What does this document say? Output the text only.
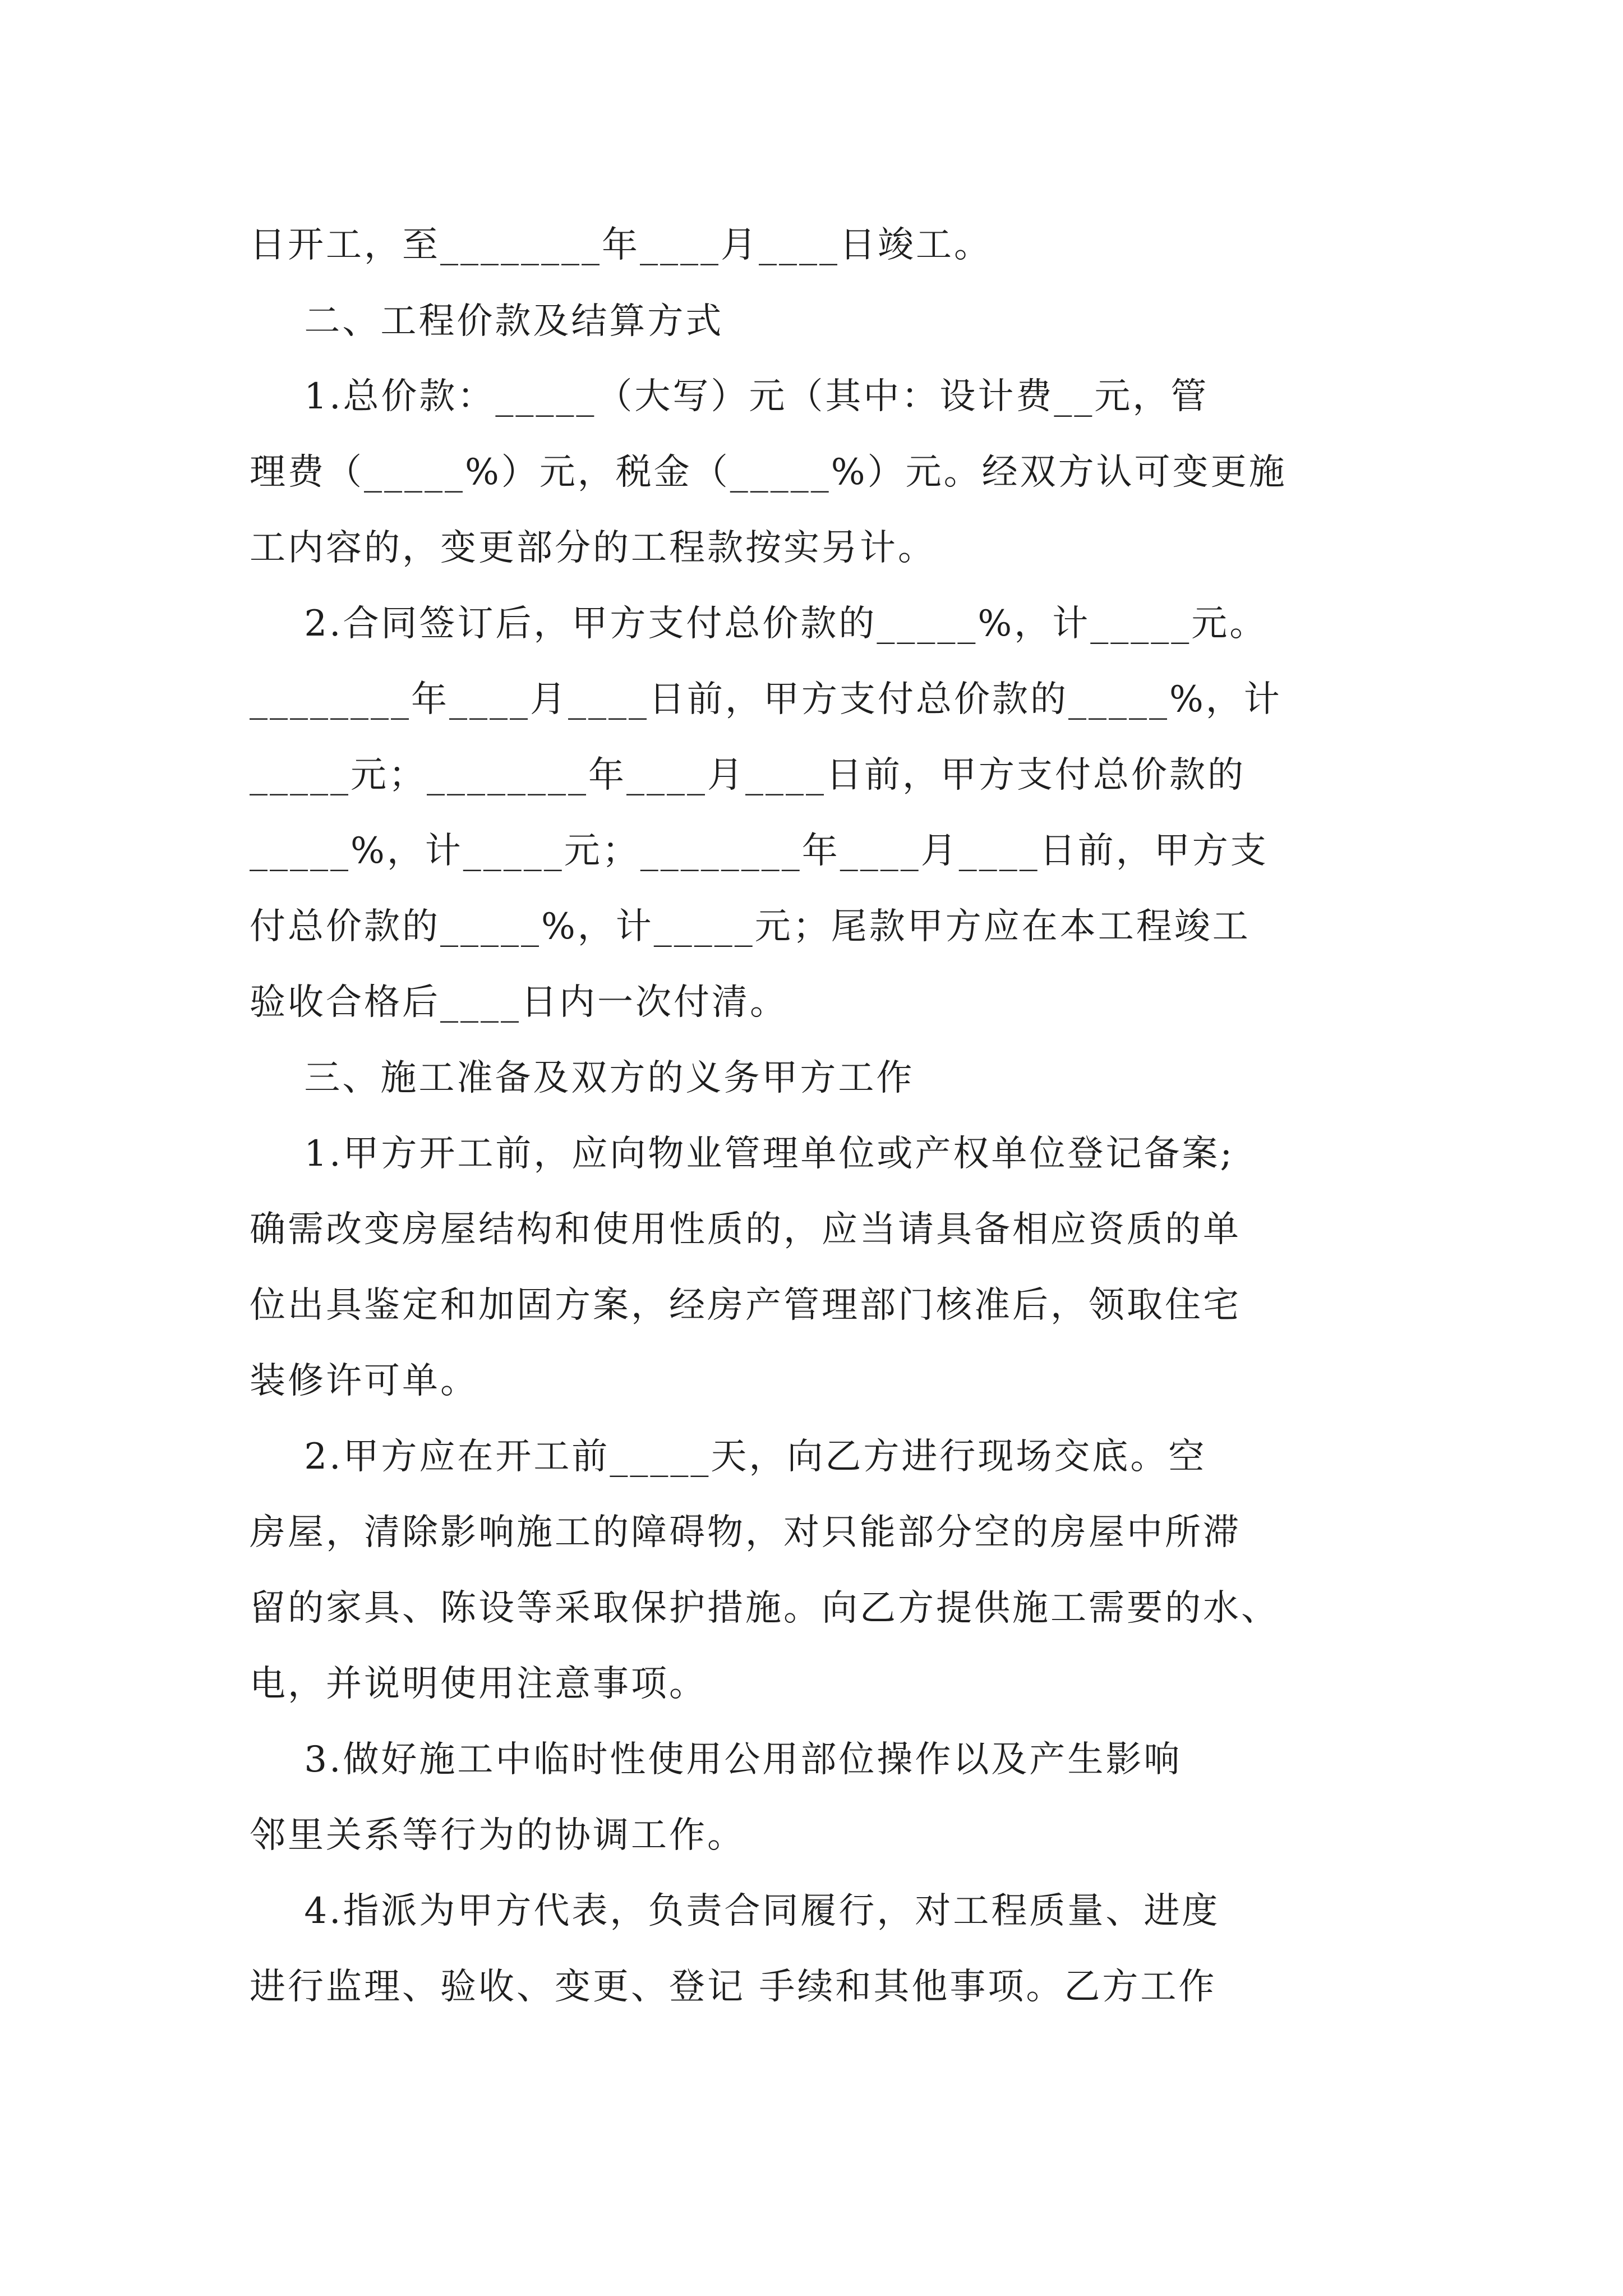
日开工，至________年____月____日竣工。
二、工程价款及结算方式
1.总价款：_____（大写）元（其中：设计费__元，管
理费（_____%）元，税金（_____%）元。经双方认可变更施
工内容的，变更部分的工程款按实另计。
2.合同签订后，甲方支付总价款的_____%，计_____元。
________年____月____日前，甲方支付总价款的_____%，计
_____元；________年____月____日前，甲方支付总价款的
_____%，计_____元；________年____月____日前，甲方支
付总价款的_____%，计_____元；尾款甲方应在本工程竣工
验收合格后____日内一次付清。
三、施工准备及双方的义务甲方工作
1.甲方开工前，应向物业管理单位或产权单位登记备案;
确需改变房屋结构和使用性质的，应当请具备相应资质的单
位出具鉴定和加固方案，经房产管理部门核准后，领取住宅
装修许可单。
2.甲方应在开工前_____天，向乙方进行现场交底。空
房屋，清除影响施工的障碍物，对只能部分空的房屋中所滞
留的家具、陈设等采取保护措施。向乙方提供施工需要的水、
电，并说明使用注意事项。
3.做好施工中临时性使用公用部位操作以及产生影响
邻里关系等行为的协调工作。
4.指派为甲方代表，负责合同履行，对工程质量、进度
进行监理、验收、变更、登记 手续和其他事项。乙方工作
